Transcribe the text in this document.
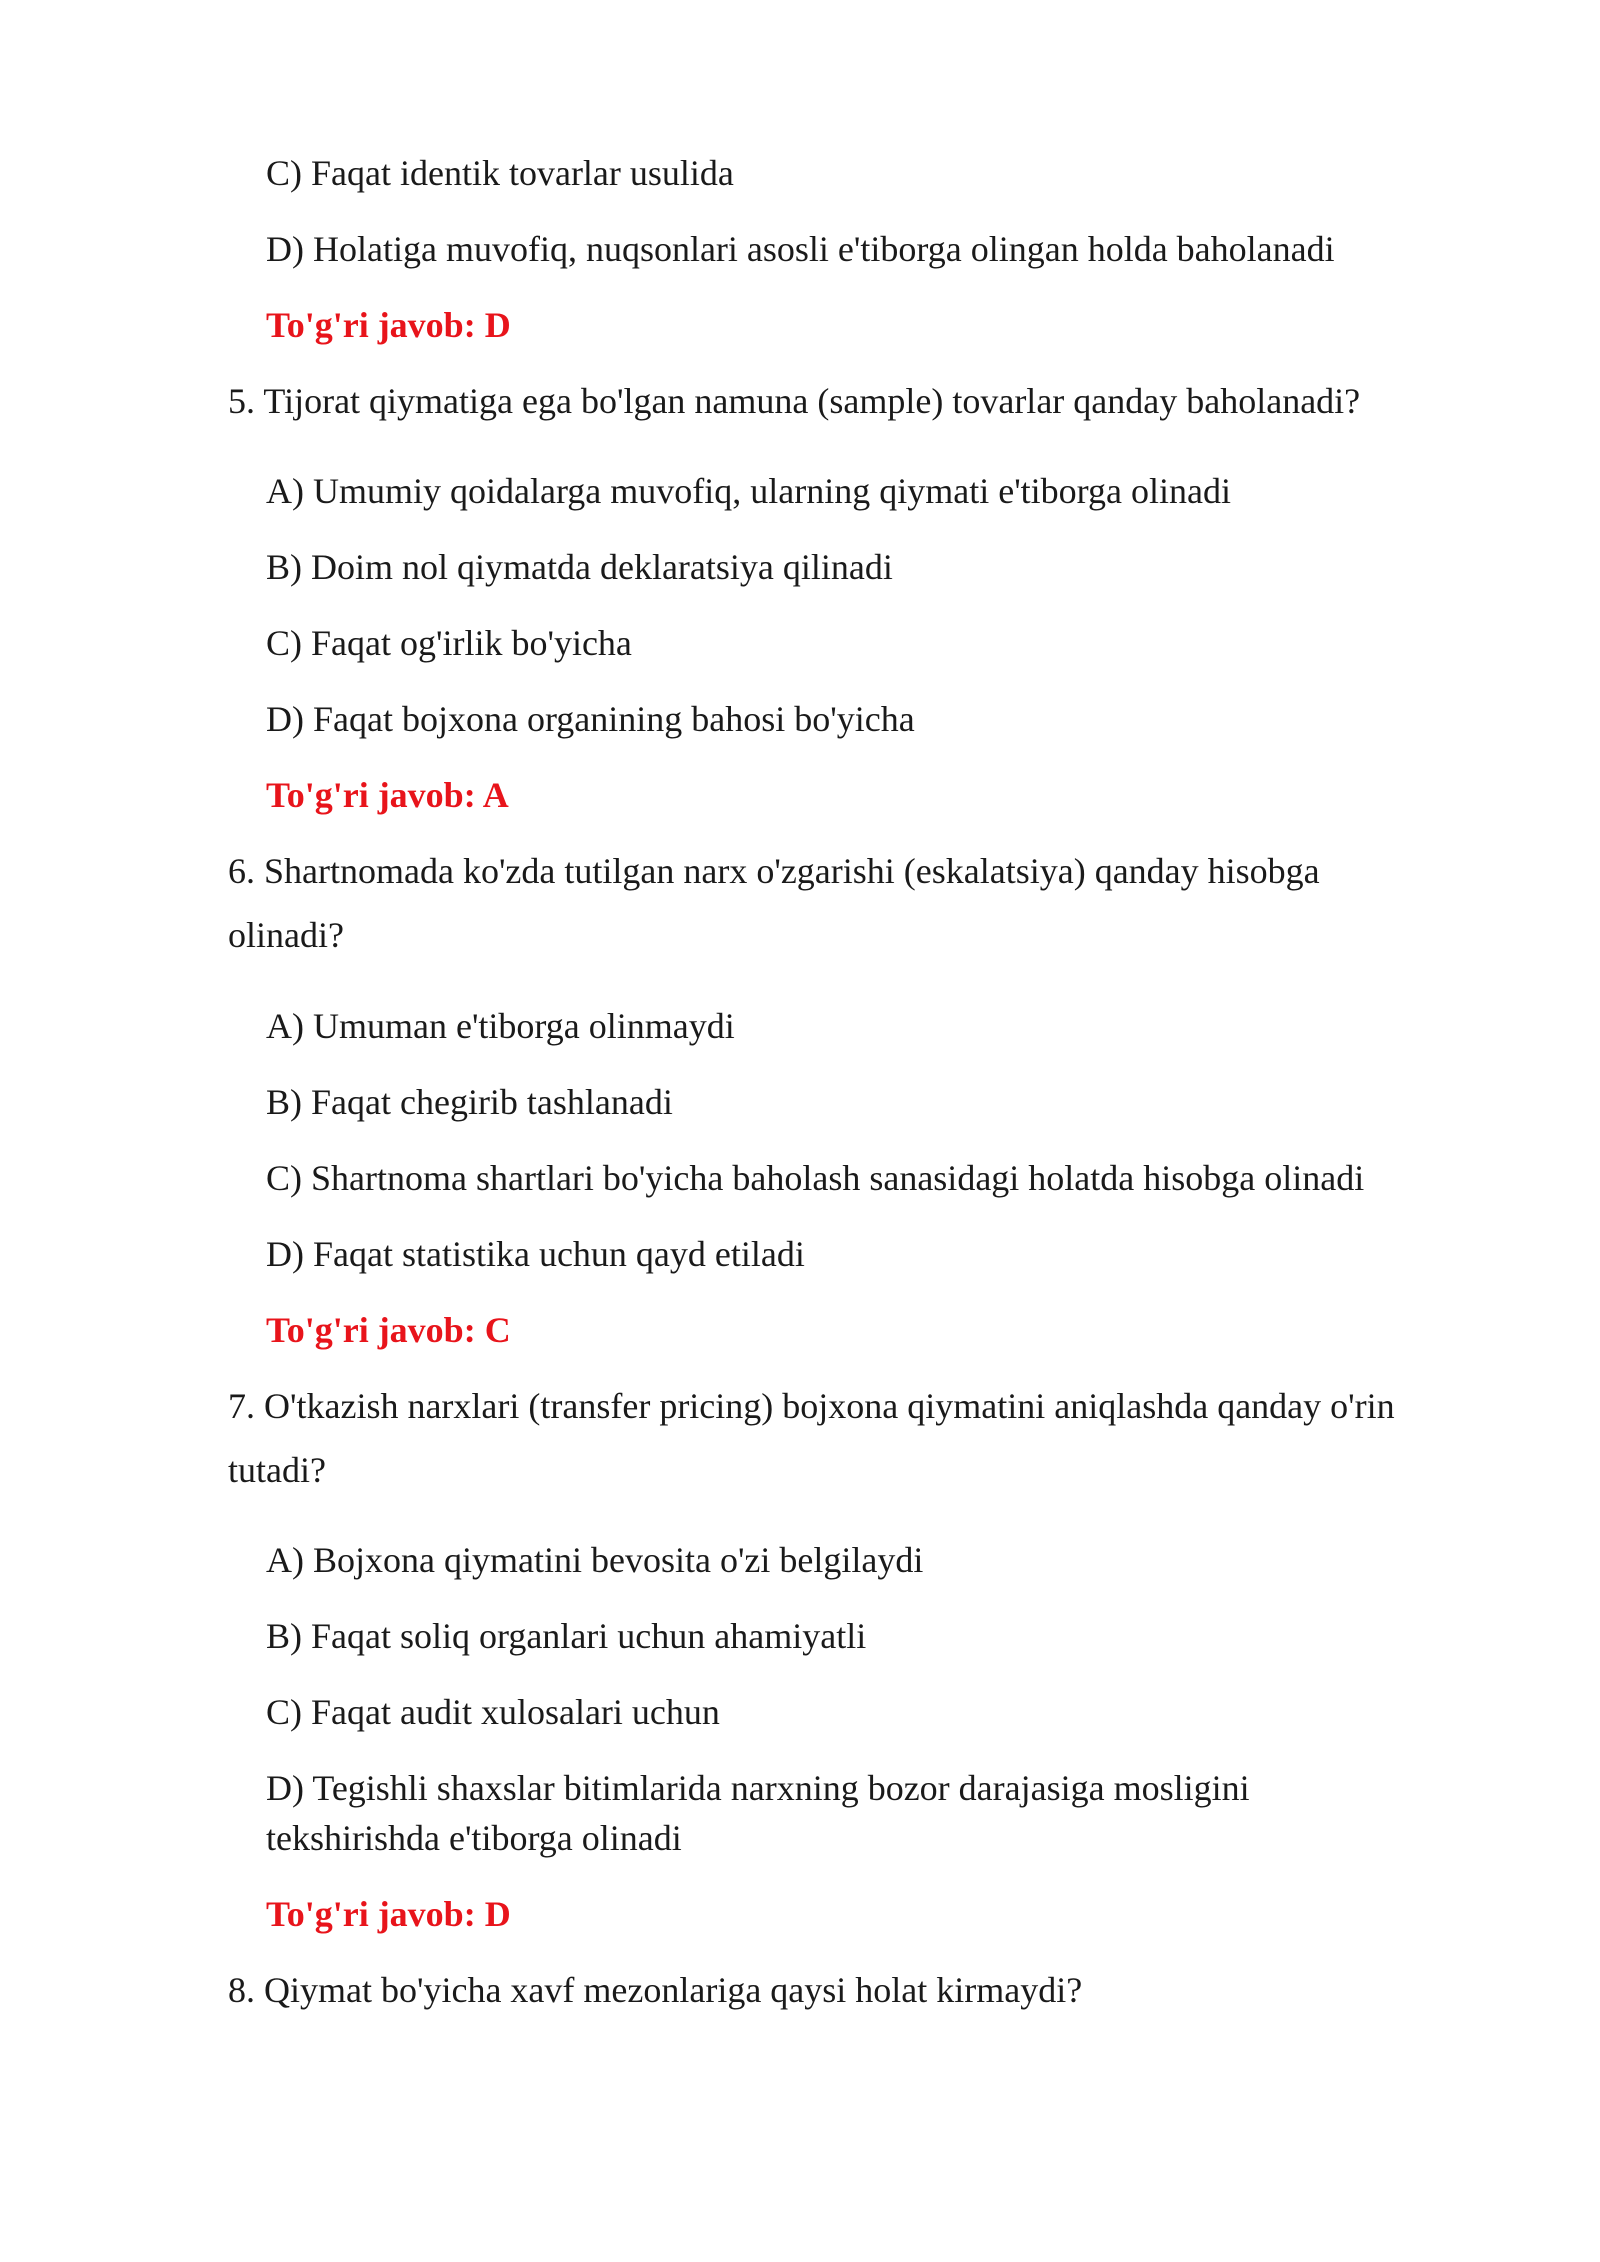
C) Faqat identik tovarlar usulida
D) Holatiga muvofiq, nuqsonlari asosli e'tiborga olingan holda baholanadi
To'g'ri javob: D
5. Tijorat qiymatiga ega bo'lgan namuna (sample) tovarlar qanday baholanadi?
A) Umumiy qoidalarga muvofiq, ularning qiymati e'tiborga olinadi
B) Doim nol qiymatda deklaratsiya qilinadi
C) Faqat og'irlik bo'yicha
D) Faqat bojxona organining bahosi bo'yicha
To'g'ri javob: A
6. Shartnomada ko'zda tutilgan narx o'zgarishi (eskalatsiya) qanday hisobga
olinadi?
A) Umuman e'tiborga olinmaydi
B) Faqat chegirib tashlanadi
C) Shartnoma shartlari bo'yicha baholash sanasidagi holatda hisobga olinadi
D) Faqat statistika uchun qayd etiladi
To'g'ri javob: C
7. O'tkazish narxlari (transfer pricing) bojxona qiymatini aniqlashda qanday o'rin
tutadi?
A) Bojxona qiymatini bevosita o'zi belgilaydi
B) Faqat soliq organlari uchun ahamiyatli
C) Faqat audit xulosalari uchun
D) Tegishli shaxslar bitimlarida narxning bozor darajasiga mosligini
tekshirishda e'tiborga olinadi
To'g'ri javob: D
8. Qiymat bo'yicha xavf mezonlariga qaysi holat kirmaydi?
